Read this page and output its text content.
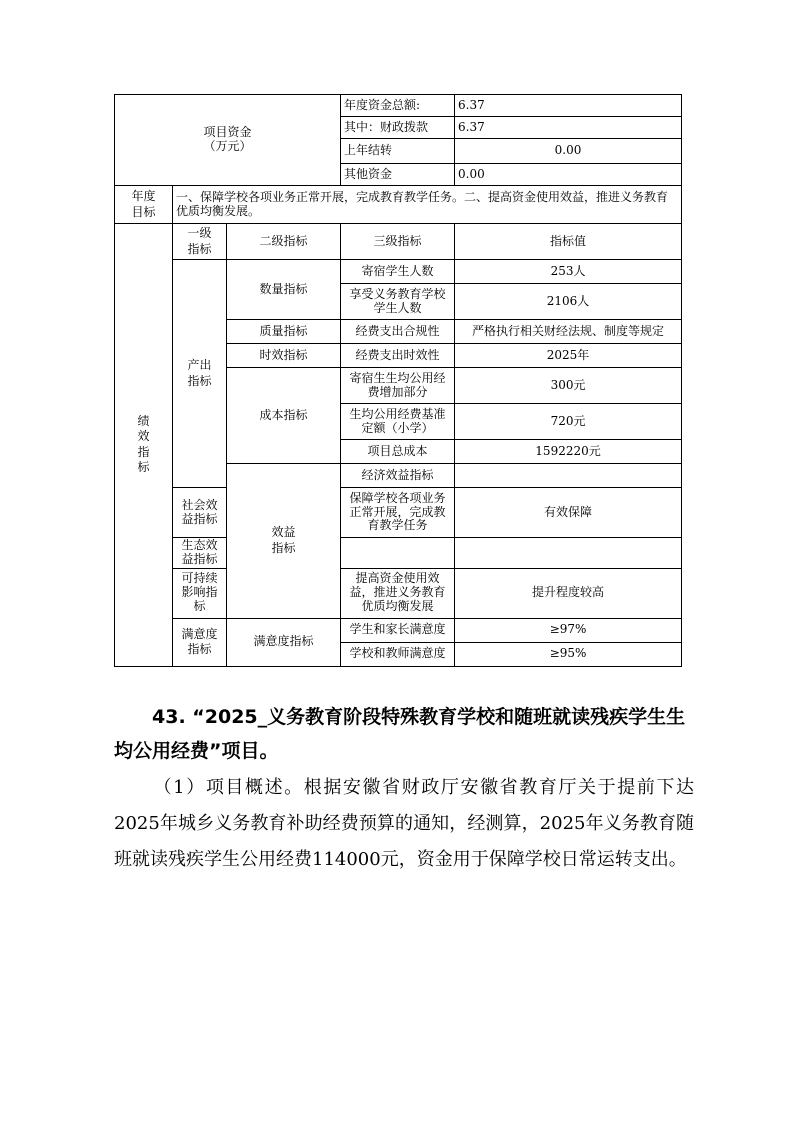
项目资金
（万元）			年度资金总额:	6.37	
			其中：财政拨款	6.37	
			上年结转	0.00	
			其他资金	0.00	
年度目标	一、保障学校各项业务正常开展，完成教育教学任务。二、提高资金使用效益，推进义务教育优质均衡发展。				
绩效指标	一级指标	二级指标	三级指标	指标值	
	产出指标	数量指标	寄宿学生人数	253人	
			享受义务教育学校学生人数	2106人	
		质量指标	经费支出合规性	严格执行相关财经法规、制度等规定	
		时效指标	经费支出时效性	2025年	
		成本指标	寄宿生生均公用经费增加部分	300元	
			生均公用经费基准定额（小学）	720元	
			项目总成本	1592220元	
		效益指标	经济效益指标		
	社会效益指标		保障学校各项业务正常开展，完成教育教学任务	有效保障	
	生态效益指标				
	可持续影响指标		提高资金使用效益，推进义务教育优质均衡发展	提升程度较高	
	满意度指标	满意度指标	学生和家长满意度	≥97%	
			学校和教师满意度	≥95%	
43. “2025_义务教育阶段特殊教育学校和随班就读残疾学生生均公用经费”项目。
（1）项目概述。根据安徽省财政厅安徽省教育厅关于提前下达2025年城乡义务教育补助经费预算的通知，经测算，2025年义务教育随班就读残疾学生公用经费114000元，资金用于保障学校日常运转支出。
